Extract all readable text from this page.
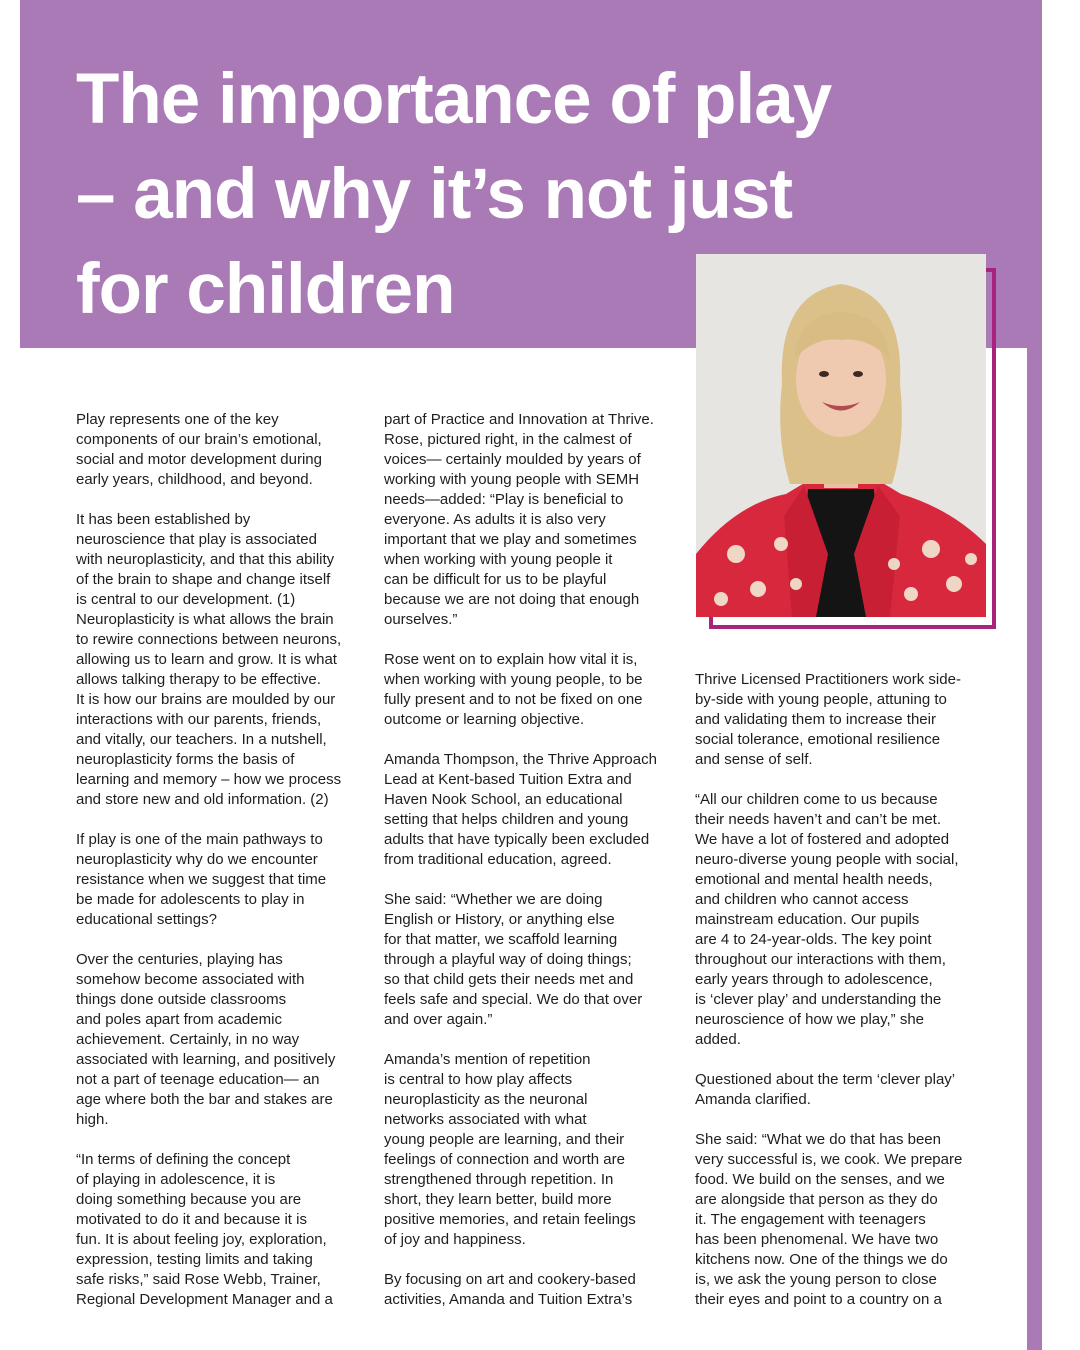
The importance of play
– and why it’s not just
for children

Play represents one of the key
components of our brain’s emotional,
social and motor development during
early years, childhood, and beyond.

It has been established by
neuroscience that play is associated
with neuroplasticity, and that this ability
of the brain to shape and change itself
is central to our development. (1)
Neuroplasticity is what allows the brain
to rewire connections between neurons,
allowing us to learn and grow. It is what
allows talking therapy to be effective.
It is how our brains are moulded by our
interactions with our parents, friends,
and vitally, our teachers. In a nutshell,
neuroplasticity forms the basis of
learning and memory – how we process
and store new and old information. (2)

If play is one of the main pathways to
neuroplasticity why do we encounter
resistance when we suggest that time
be made for adolescents to play in
educational settings?

Over the centuries, playing has
somehow become associated with
things done outside classrooms
and poles apart from academic
achievement. Certainly, in no way
associated with learning, and positively
not a part of teenage education— an
age where both the bar and stakes are
high.

“In terms of defining the concept
of playing in adolescence, it is
doing something because you are
motivated to do it and because it is
fun. It is about feeling joy, exploration,
expression, testing limits and taking
safe risks,” said Rose Webb, Trainer,
Regional Development Manager and a

part of Practice and Innovation at Thrive.
Rose, pictured right, in the calmest of
voices— certainly moulded by years of
working with young people with SEMH
needs—added: “Play is beneficial to
everyone. As adults it is also very
important that we play and sometimes
when working with young people it
can be difficult for us to be playful
because we are not doing that enough
ourselves.”

Rose went on to explain how vital it is,
when working with young people, to be
fully present and to not be fixed on one
outcome or learning objective.

Amanda Thompson, the Thrive Approach
Lead at Kent-based Tuition Extra and
Haven Nook School, an educational
setting that helps children and young
adults that have typically been excluded
from traditional education, agreed.

She said: “Whether we are doing
English or History, or anything else
for that matter, we scaffold learning
through a playful way of doing things;
so that child gets their needs met and
feels safe and special. We do that over
and over again.”

Amanda’s mention of repetition
is central to how play affects
neuroplasticity as the neuronal
networks associated with what
young people are learning, and their
feelings of connection and worth are
strengthened through repetition. In
short, they learn better, build more
positive memories, and retain feelings
of joy and happiness.

By focusing on art and cookery-based
activities, Amanda and Tuition Extra’s

Thrive Licensed Practitioners work side-
by-side with young people, attuning to
and validating them to increase their
social tolerance, emotional resilience
and sense of self.

“All our children come to us because
their needs haven’t and can’t be met.
We have a lot of fostered and adopted
neuro-diverse young people with social,
emotional and mental health needs,
and children who cannot access
mainstream education. Our pupils
are 4 to 24-year-olds. The key point
throughout our interactions with them,
early years through to adolescence,
is ‘clever play’ and understanding the
neuroscience of how we play,” she
added.

Questioned about the term ‘clever play’
Amanda clarified.

She said: “What we do that has been
very successful is, we cook. We prepare
food. We build on the senses, and we
are alongside that person as they do
it. The engagement with teenagers
has been phenomenal. We have two
kitchens now. One of the things we do
is, we ask the young person to close
their eyes and point to a country on a
